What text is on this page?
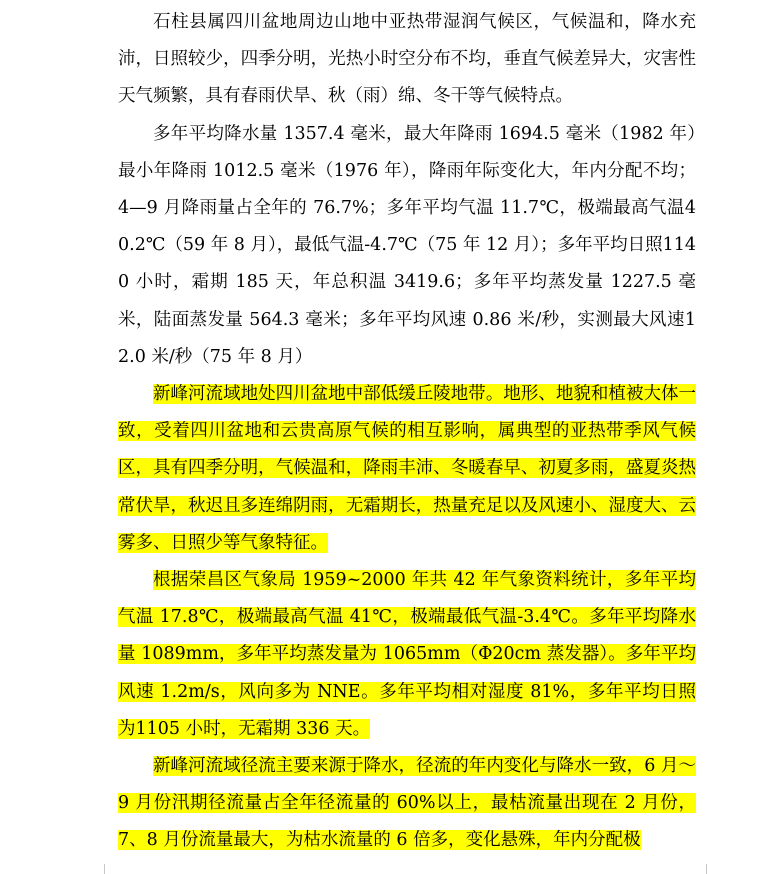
石柱县属四川盆地周边山地中亚热带湿润气候区，气候温和，降水充沛，日照较少，四季分明，光热小时空分布不均，垂直气候差异大，灾害性天气频繁，具有春雨伏旱、秋（雨）绵、冬干等气候特点。

多年平均降水量 1357.4 毫米，最大年降雨 1694.5 毫米（1982 年）最小年降雨 1012.5 毫米（1976 年），降雨年际变化大，年内分配不均；4—9 月降雨量占全年的 76.7%；多年平均气温 11.7℃，极端最高气温40.2℃（59 年 8 月），最低气温-4.7℃（75 年 12 月）；多年平均日照1140 小时，霜期 185 天，年总积温 3419.6；多年平均蒸发量 1227.5 毫米，陆面蒸发量 564.3 毫米；多年平均风速 0.86 米/秒，实测最大风速12.0 米/秒（75 年 8 月）

新峰河流域地处四川盆地中部低缓丘陵地带。地形、地貌和植被大体一致，受着四川盆地和云贵高原气候的相互影响，属典型的亚热带季风气候区，具有四季分明，气候温和，降雨丰沛、冬暖春早、初夏多雨，盛夏炎热常伏旱，秋迟且多连绵阴雨，无霜期长，热量充足以及风速小、湿度大、云雾多、日照少等气象特征。

根据荣昌区气象局 1959~2000 年共 42 年气象资料统计，多年平均气温 17.8℃，极端最高气温 41℃，极端最低气温-3.4℃。多年平均降水量 1089mm，多年平均蒸发量为 1065mm（Φ20cm 蒸发器）。多年平均风速 1.2m/s，风向多为 NNE。多年平均相对湿度 81%，多年平均日照为1105 小时，无霜期 336 天。

新峰河流域径流主要来源于降水，径流的年内变化与降水一致，6 月～9 月份汛期径流量占全年径流量的 60%以上，最枯流量出现在 2 月份，7、8 月份流量最大，为枯水流量的 6 倍多，变化悬殊，年内分配极
